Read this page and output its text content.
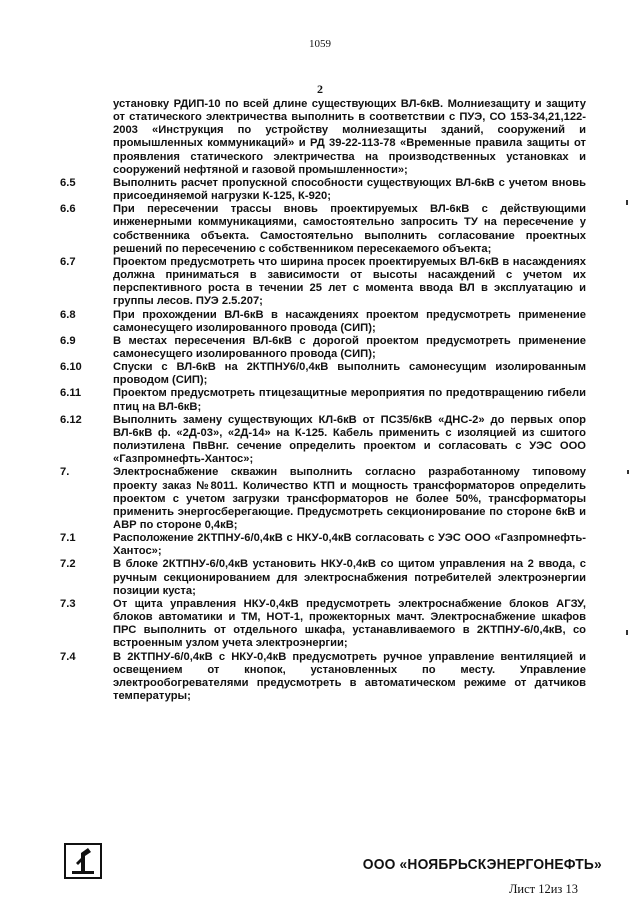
1059
2
установку РДИП-10 по всей длине существующих ВЛ-6кВ. Молниезащиту и защиту от статического электричества выполнить в соответствии с ПУЭ, СО 153-34,21,122-2003 «Инструкция по устройству молниезащиты зданий, сооружений и промышленных коммуникаций» и РД 39-22-113-78 «Временные правила защиты от проявления статического электричества на производственных установках и сооружений нефтяной и газовой промышленности»;
6.5	Выполнить расчет пропускной способности существующих ВЛ-6кВ с учетом вновь присоединяемой нагрузки К-125, К-920;
6.6	При пересечении трассы вновь проектируемых ВЛ-6кВ с действующими инженерными коммуникациями, самостоятельно запросить ТУ на пересечение у собственника объекта. Самостоятельно выполнить согласование проектных решений по пересечению с собственником пересекаемого объекта;
6.7	Проектом предусмотреть что ширина просек проектируемых ВЛ-6кВ в насаждениях должна приниматься в зависимости от высоты насаждений с учетом их перспективного роста в течении 25 лет с момента ввода ВЛ в эксплуатацию и группы лесов. ПУЭ 2.5.207;
6.8	При прохождении ВЛ-6кВ в насаждениях проектом предусмотреть применение самонесущего изолированного провода (СИП);
6.9	В местах пересечения ВЛ-6кВ с дорогой проектом предусмотреть применение самонесущего изолированного провода (СИП);
6.10	Спуски с ВЛ-6кВ на 2КТПНУ6/0,4кВ выполнить самонесущим изолированным проводом (СИП);
6.11	Проектом предусмотреть птицезащитные мероприятия по предотвращению гибели птиц на ВЛ-6кВ;
6.12	Выполнить замену существующих КЛ-6кВ от ПС35/6кВ «ДНС-2» до первых опор ВЛ-6кВ ф. «2Д-03», «2Д-14» на К-125. Кабель применить с изоляцией из сшитого полиэтилена ПвВнг. сечение определить проектом и согласовать с УЭС ООО «Газпромнефть-Хантос»;
7.	Электроснабжение скважин выполнить согласно разработанному типовому проекту заказ №8011. Количество КТП и мощность трансформаторов определить проектом с учетом загрузки трансформаторов не более 50%, трансформаторы применить энергосберегающие. Предусмотреть секционирование по стороне 6кВ и АВР по стороне 0,4кВ;
7.1	Расположение 2КТПНУ-6/0,4кВ с НКУ-0,4кВ согласовать с УЭС ООО «Газпромнефть-Хантос»;
7.2	В блоке 2КТПНУ-6/0,4кВ установить НКУ-0,4кВ со щитом управления на 2 ввода, с ручным секционированием для электроснабжения потребителей электроэнергии позиции куста;
7.3	От щита управления НКУ-0,4кВ предусмотреть электроснабжение блоков АГЗУ, блоков автоматики и ТМ, НОТ-1, прожекторных мачт. Электроснабжение шкафов ПРС выполнить от отдельного шкафа, устанавливаемого в 2КТПНУ-6/0,4кВ, со встроенным узлом учета электроэнергии;
7.4	В 2КТПНУ-6/0,4кВ с НКУ-0,4кВ предусмотреть ручное управление вентиляцией и освещением от кнопок, установленных по месту. Управление электрообогревателями предусмотреть в автоматическом режиме от датчиков температуры;
ООО «НОЯБРЬСКЭНЕРГОНЕФТЬ»
Лист 12из 13
